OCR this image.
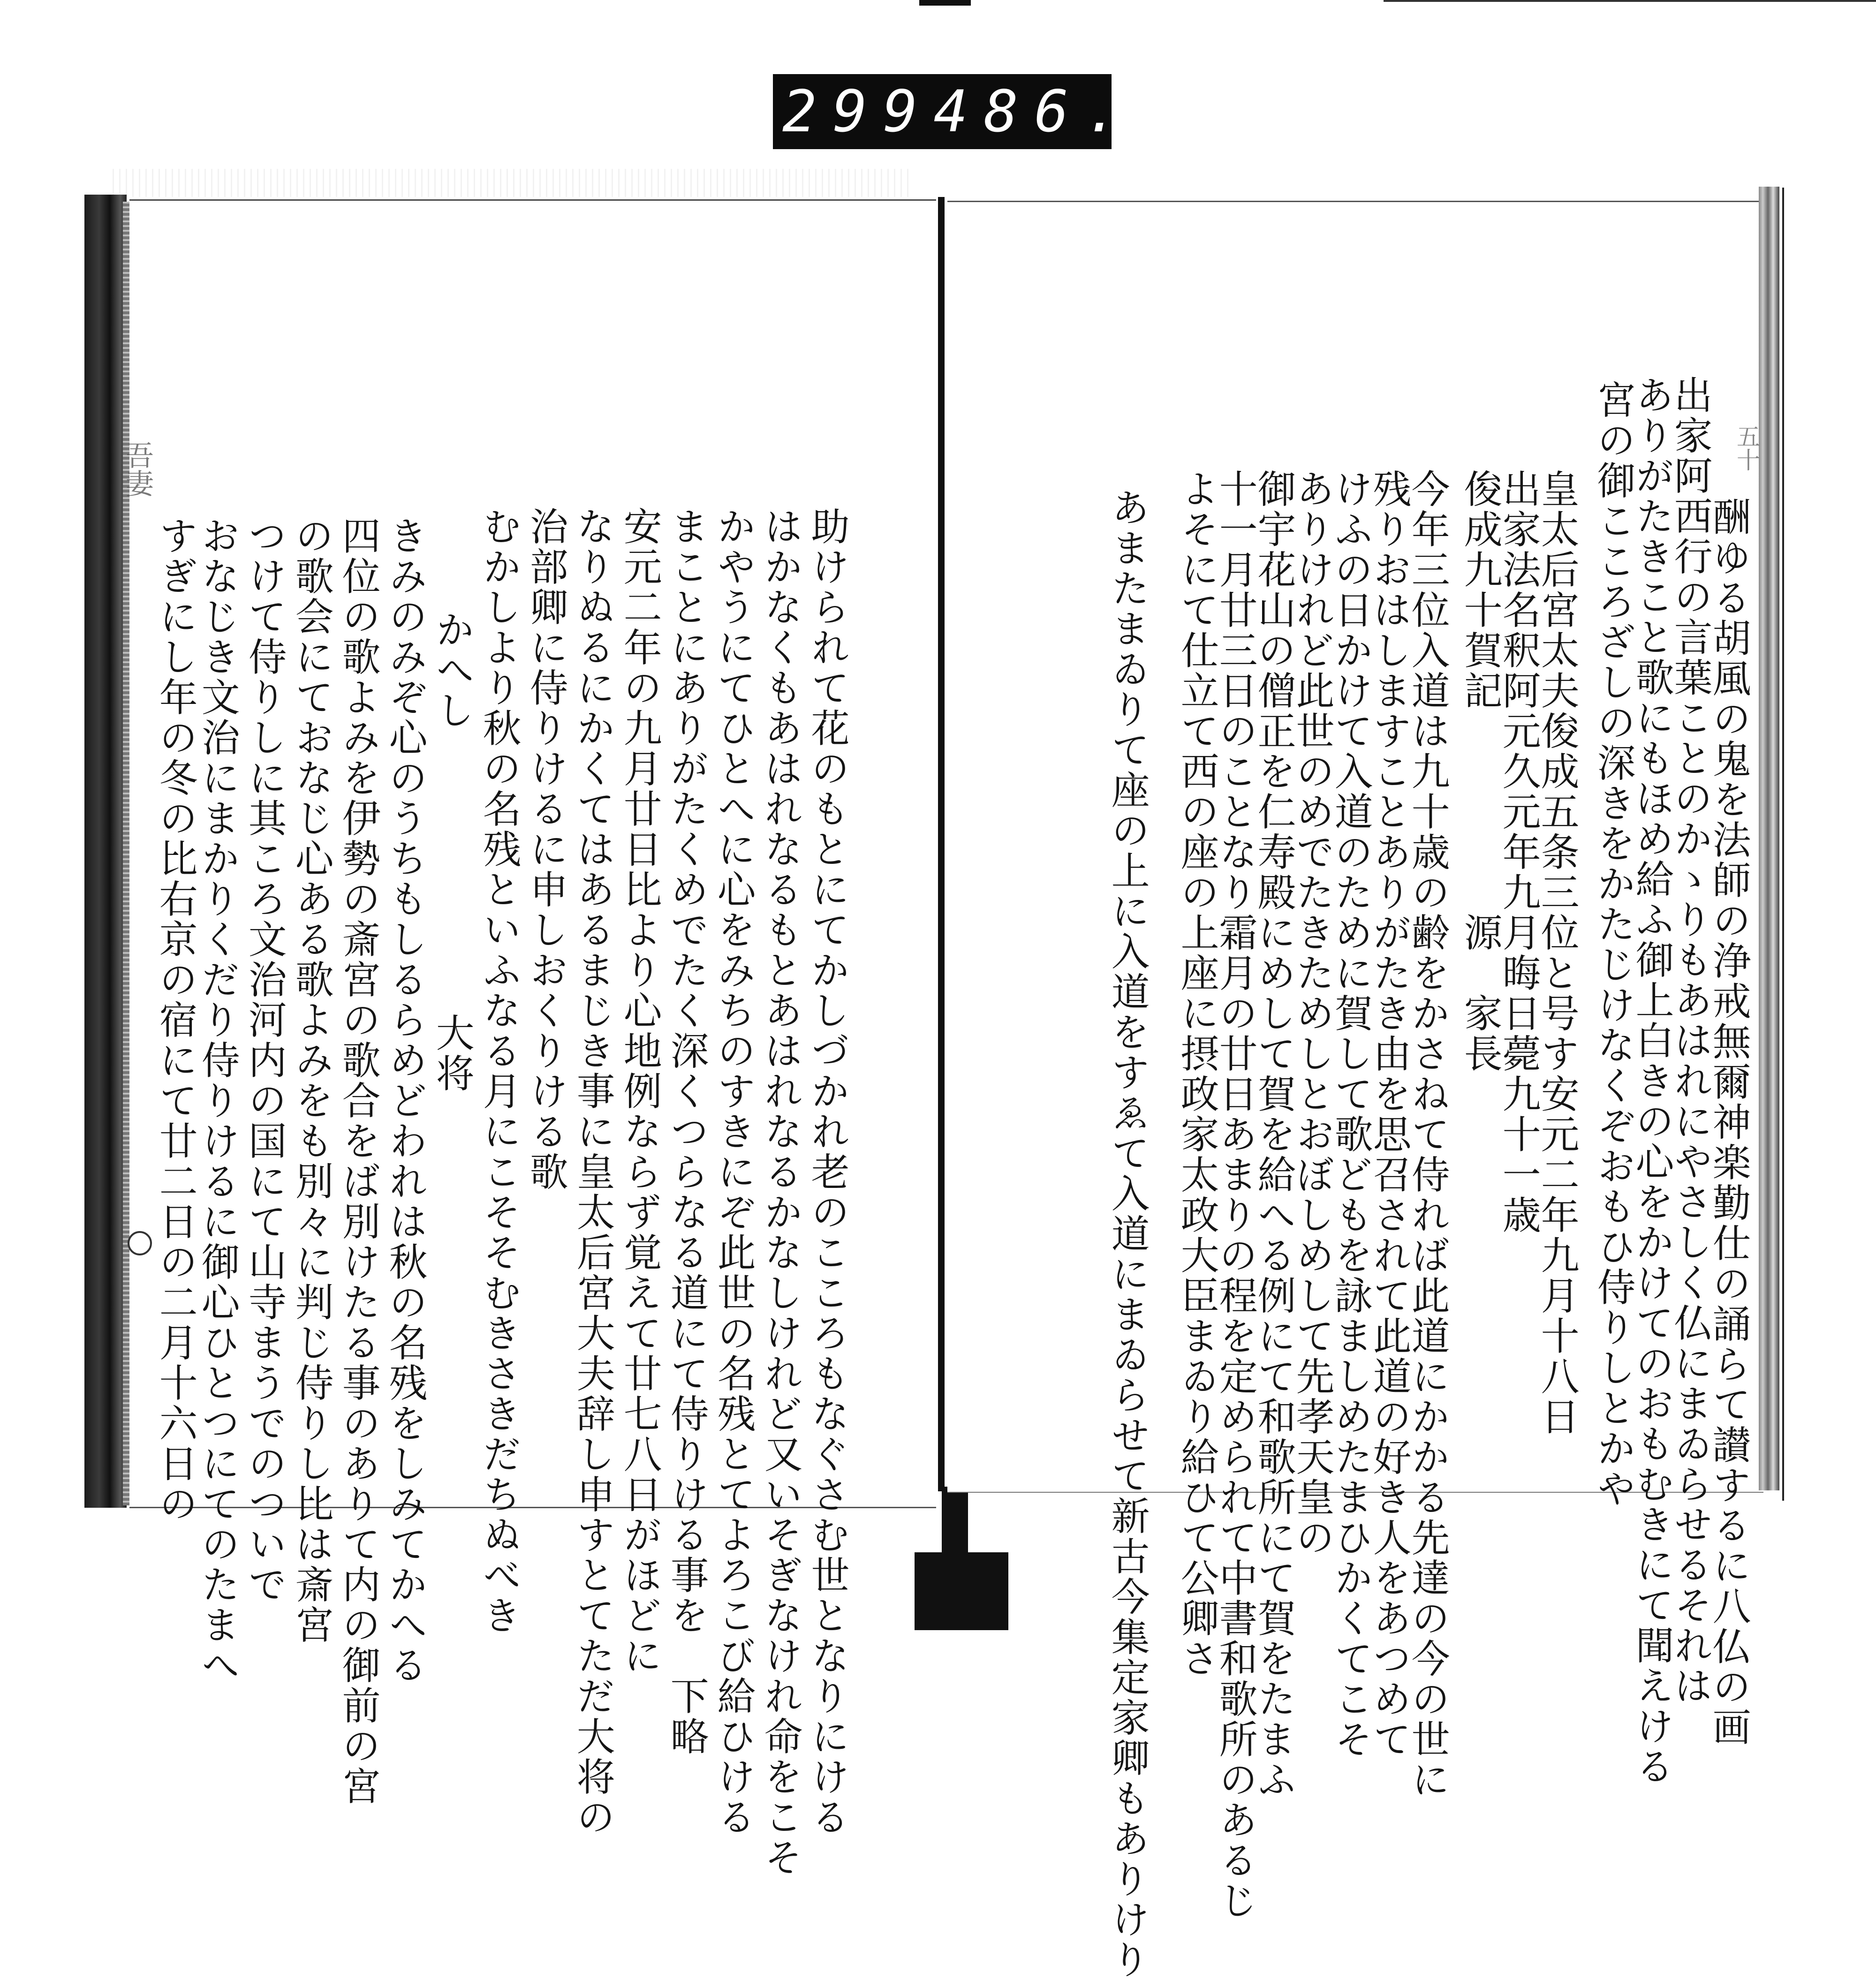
299 486.
吾妻	五十
酬ゆる胡風の鬼を法師の浄戒無爾神楽勤仕の誦らて讃するに八仏の画
出家阿西行の言葉ことのかゝりもあはれにやさしく仏にまゐらせるそれは
ありがたきこと歌にもほめ給ふ御上白きの心をかけてのおもむきにて聞えける
宮の御こころざしの深きをかたじけなくぞおもひ侍りしとかや
皇太后宮太夫俊成五条三位と号す安元二年九月十八日
出家法名釈阿元久元年九月晦日薨九十一歳
俊成九十賀記　　　　　源　家長
今年三位入道は九十歳の齢をかさねて侍れば此道にかかる先達の今の世に
残りおはしますことありがたき由を思召されて此道の好き人をあつめて
けふの日かけて入道のために賀して歌どもを詠ましめたまひかくてこそ
ありけれど此世のめでたきためしとおぼしめして先孝天皇の
御宇花山の僧正を仁寿殿にめして賀を給へる例にて和歌所にて賀をたまふ
十一月廿三日のことなり霜月の廿日あまりの程を定められて中書和歌所のあるじ
よそにて仕立て西の座の上座に摂政家太政大臣まゐり給ひて公卿さ
あまたまゐりて座の上に入道をすゑて入道にまゐらせて新古今集定家卿もありけり
助けられて花のもとにてかしづかれ老のこころもなぐさむ世となりにける
はかなくもあはれなるもとあはれなるかなしけれど又いそぎなけれ命をこそ
かやうにてひとへに心をみちのすきにぞ此世の名残とてよろこび給ひける
まことにありがたくめでたく深くつらなる道にて侍りける事を　下略
安元二年の九月廿日比より心地例ならず覚えて廿七八日がほどに
なりぬるにかくてはあるまじき事に皇太后宮大夫辞し申すとてただ大将の
治部卿に侍りけるに申しおくりける歌
むかしより秋の名残といふなる月にこそそむきさきだちぬべき
かへし　　　　　　　大将
きみのみぞ心のうちもしるらめどわれは秋の名残をしみてかへる
四位の歌よみを伊勢の斎宮の歌合をば別けたる事のありて内の御前の宮
の歌会にておなじ心ある歌よみをも別々に判じ侍りし比は斎宮
つけて侍りしに其ころ文治河内の国にて山寺まうでのついで
おなじき文治にまかりくだり侍りけるに御心ひとつにてのたまへ
すぎにし年の冬の比右京の宿にて廿二日の二月十六日の
